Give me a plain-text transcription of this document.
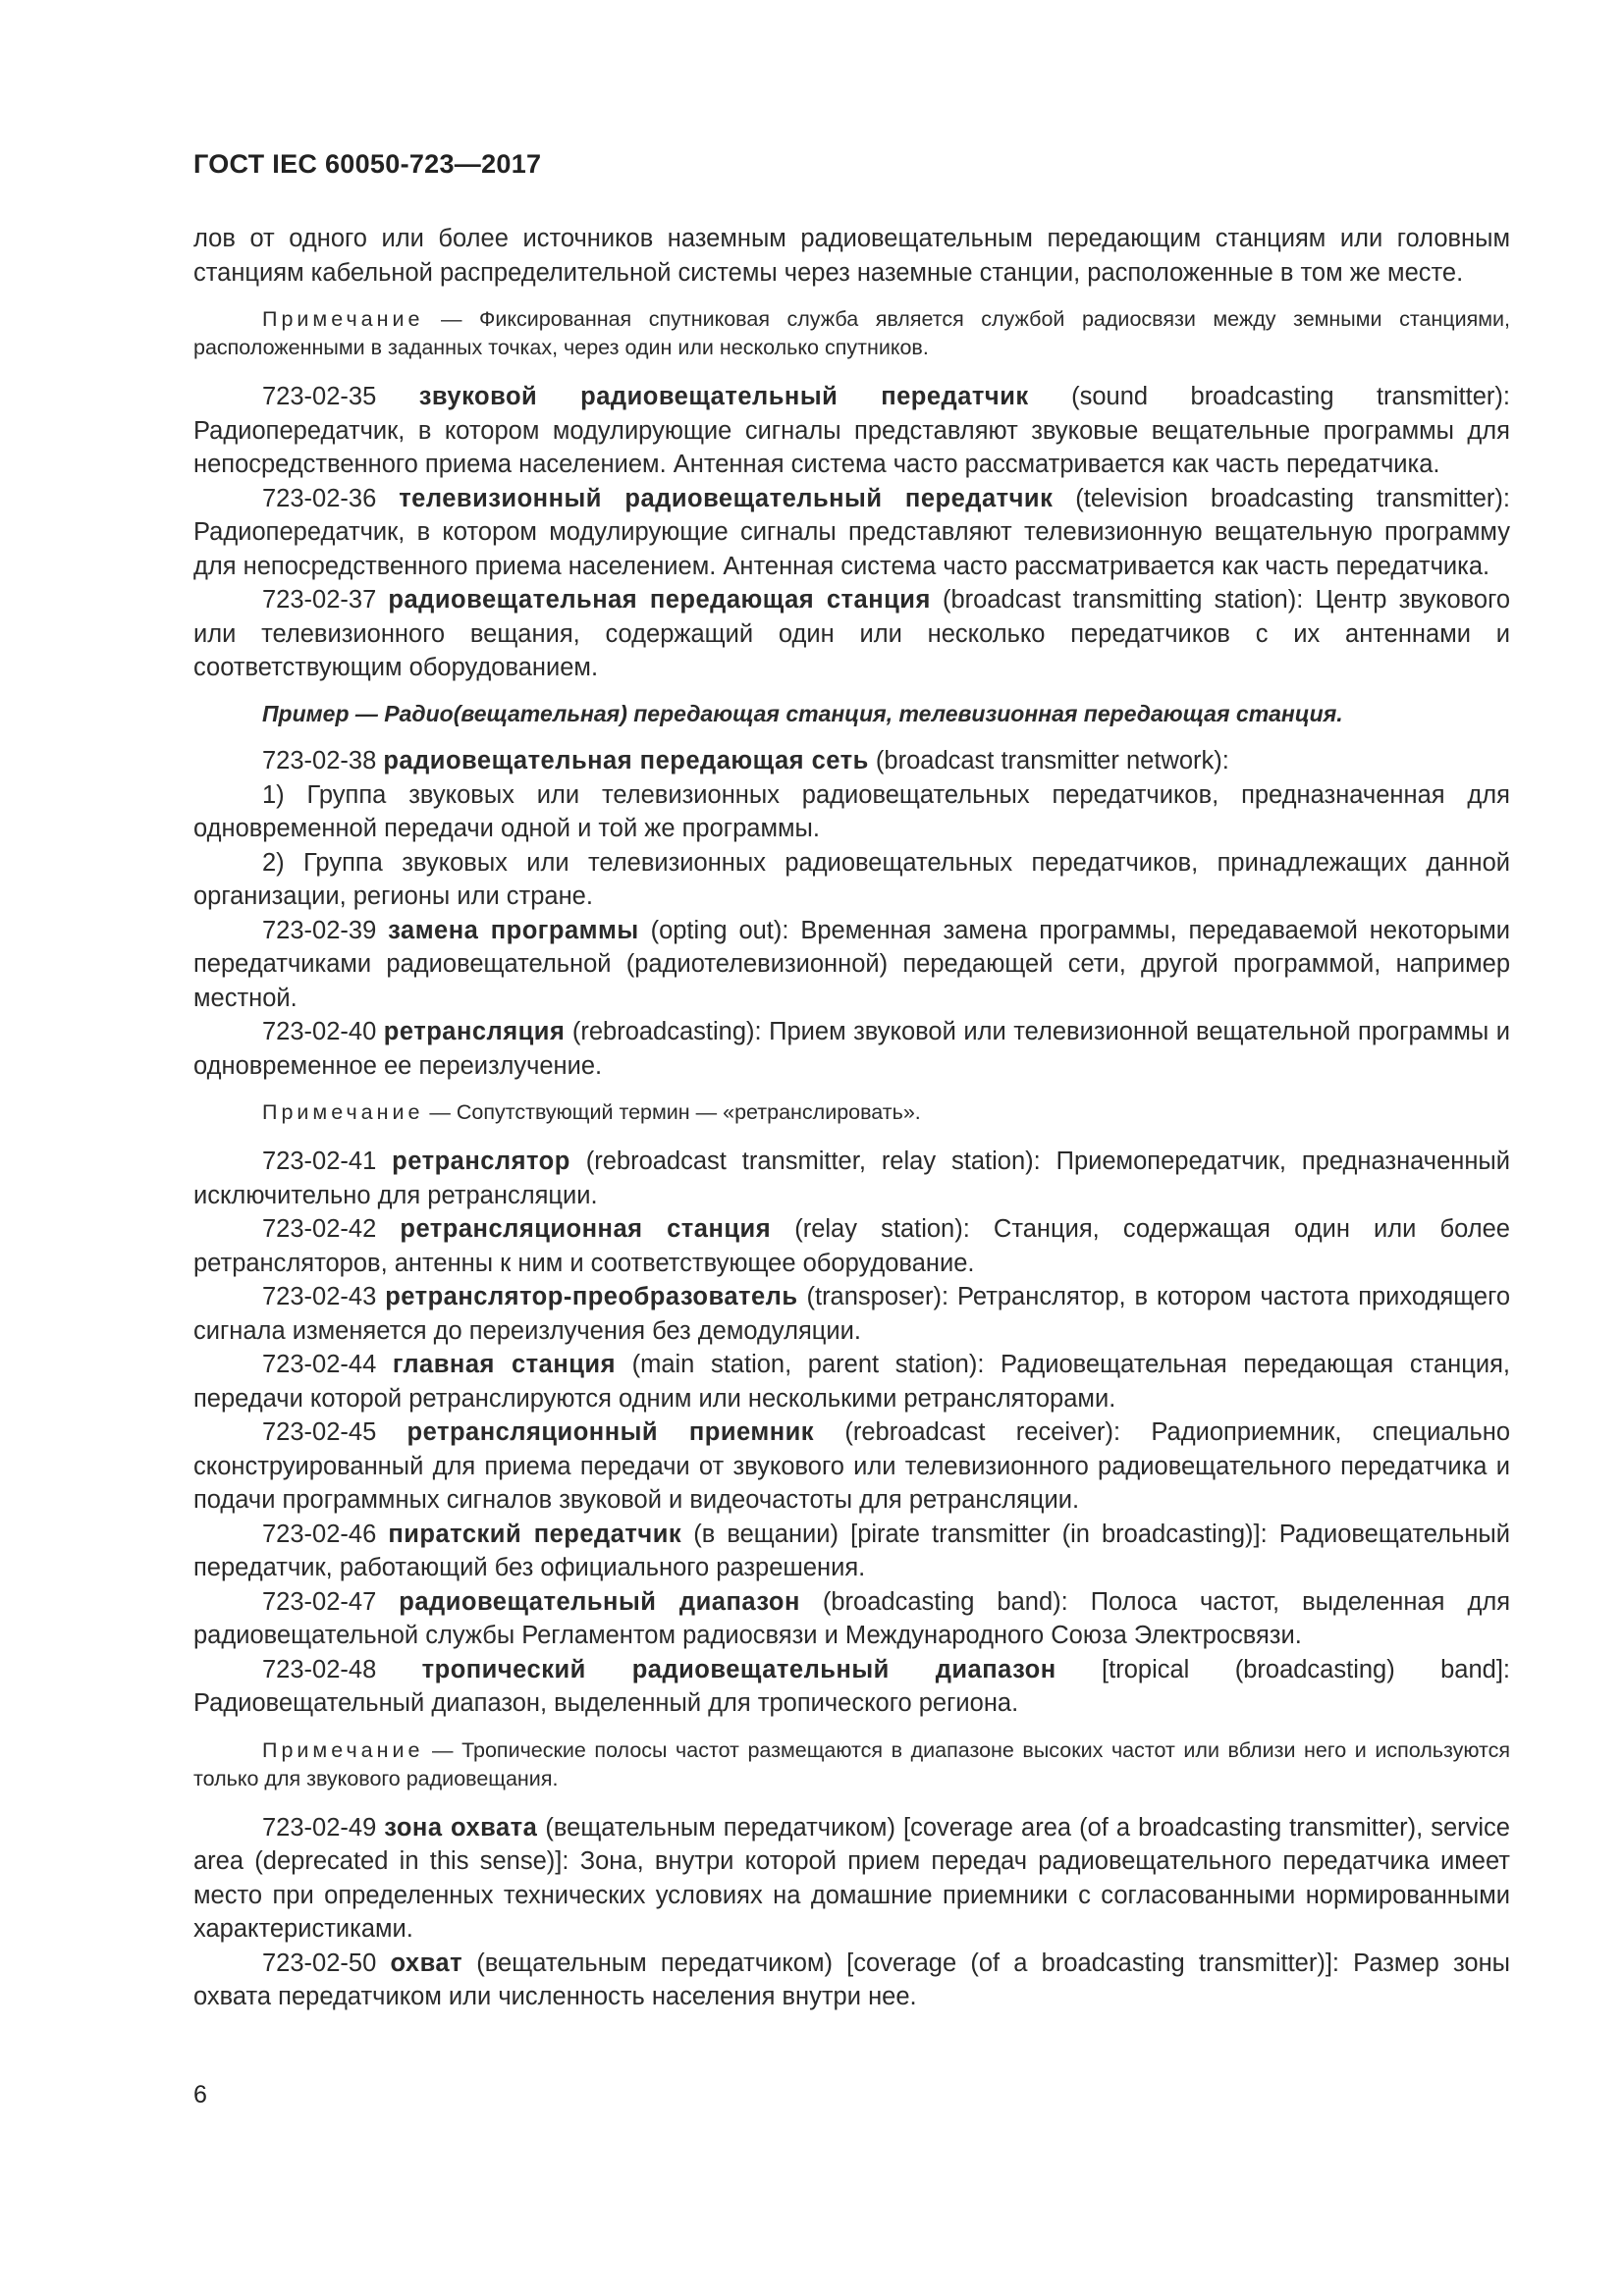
ГОСТ IEC 60050-723—2017

лов от одного или более источников наземным радиовещательным передающим станциям или головным станциям кабельной распределительной системы через наземные станции, расположенные в том же месте.

Примечание — Фиксированная спутниковая служба является службой радиосвязи между земными станциями, расположенными в заданных точках, через один или несколько спутников.

723-02-35 звуковой радиовещательный передатчик (sound broadcasting transmitter): Радиопередатчик, в котором модулирующие сигналы представляют звуковые вещательные программы для непосредственного приема населением. Антенная система часто рассматривается как часть передатчика.

723-02-36 телевизионный радиовещательный передатчик (television broadcasting transmitter): Радиопередатчик, в котором модулирующие сигналы представляют телевизионную вещательную программу для непосредственного приема населением. Антенная система часто рассматривается как часть передатчика.

723-02-37 радиовещательная передающая станция (broadcast transmitting station): Центр звукового или телевизионного вещания, содержащий один или несколько передатчиков с их антеннами и соответствующим оборудованием.

Пример — Радио(вещательная) передающая станция, телевизионная передающая станция.

723-02-38 радиовещательная передающая сеть (broadcast transmitter network):

1) Группа звуковых или телевизионных радиовещательных передатчиков, предназначенная для одновременной передачи одной и той же программы.

2) Группа звуковых или телевизионных радиовещательных передатчиков, принадлежащих данной организации, регионы или стране.

723-02-39 замена программы (opting out): Временная замена программы, передаваемой некоторыми передатчиками радиовещательной (радиотелевизионной) передающей сети, другой программой, например местной.

723-02-40 ретрансляция (rebroadcasting): Прием звуковой или телевизионной вещательной программы и одновременное ее переизлучение.

Примечание — Сопутствующий термин — «ретранслировать».

723-02-41 ретранслятор (rebroadcast transmitter, relay station): Приемопередатчик, предназначенный исключительно для ретрансляции.

723-02-42 ретрансляционная станция (relay station): Станция, содержащая один или более ретрансляторов, антенны к ним и соответствующее оборудование.

723-02-43 ретранслятор-преобразователь (transposer): Ретранслятор, в котором частота приходящего сигнала изменяется до переизлучения без демодуляции.

723-02-44 главная станция (main station, parent station): Радиовещательная передающая станция, передачи которой ретранслируются одним или несколькими ретрансляторами.

723-02-45 ретрансляционный приемник (rebroadcast receiver): Радиоприемник, специально сконструированный для приема передачи от звукового или телевизионного радиовещательного передатчика и подачи программных сигналов звуковой и видеочастоты для ретрансляции.

723-02-46 пиратский передатчик (в вещании) [pirate transmitter (in broadcasting)]: Радиовещательный передатчик, работающий без официального разрешения.

723-02-47 радиовещательный диапазон (broadcasting band): Полоса частот, выделенная для радиовещательной службы Регламентом радиосвязи и Международного Союза Электросвязи.

723-02-48 тропический радиовещательный диапазон [tropical (broadcasting) band]: Радиовещательный диапазон, выделенный для тропического региона.

Примечание — Тропические полосы частот размещаются в диапазоне высоких частот или вблизи него и используются только для звукового радиовещания.

723-02-49 зона охвата (вещательным передатчиком) [coverage area (of a broadcasting transmitter), service area (deprecated in this sense)]: Зона, внутри которой прием передач радиовещательного передатчика имеет место при определенных технических условиях на домашние приемники с согласованными нормированными характеристиками.

723-02-50 охват (вещательным передатчиком) [coverage (of a broadcasting transmitter)]: Размер зоны охвата передатчиком или численность населения внутри нее.

6
